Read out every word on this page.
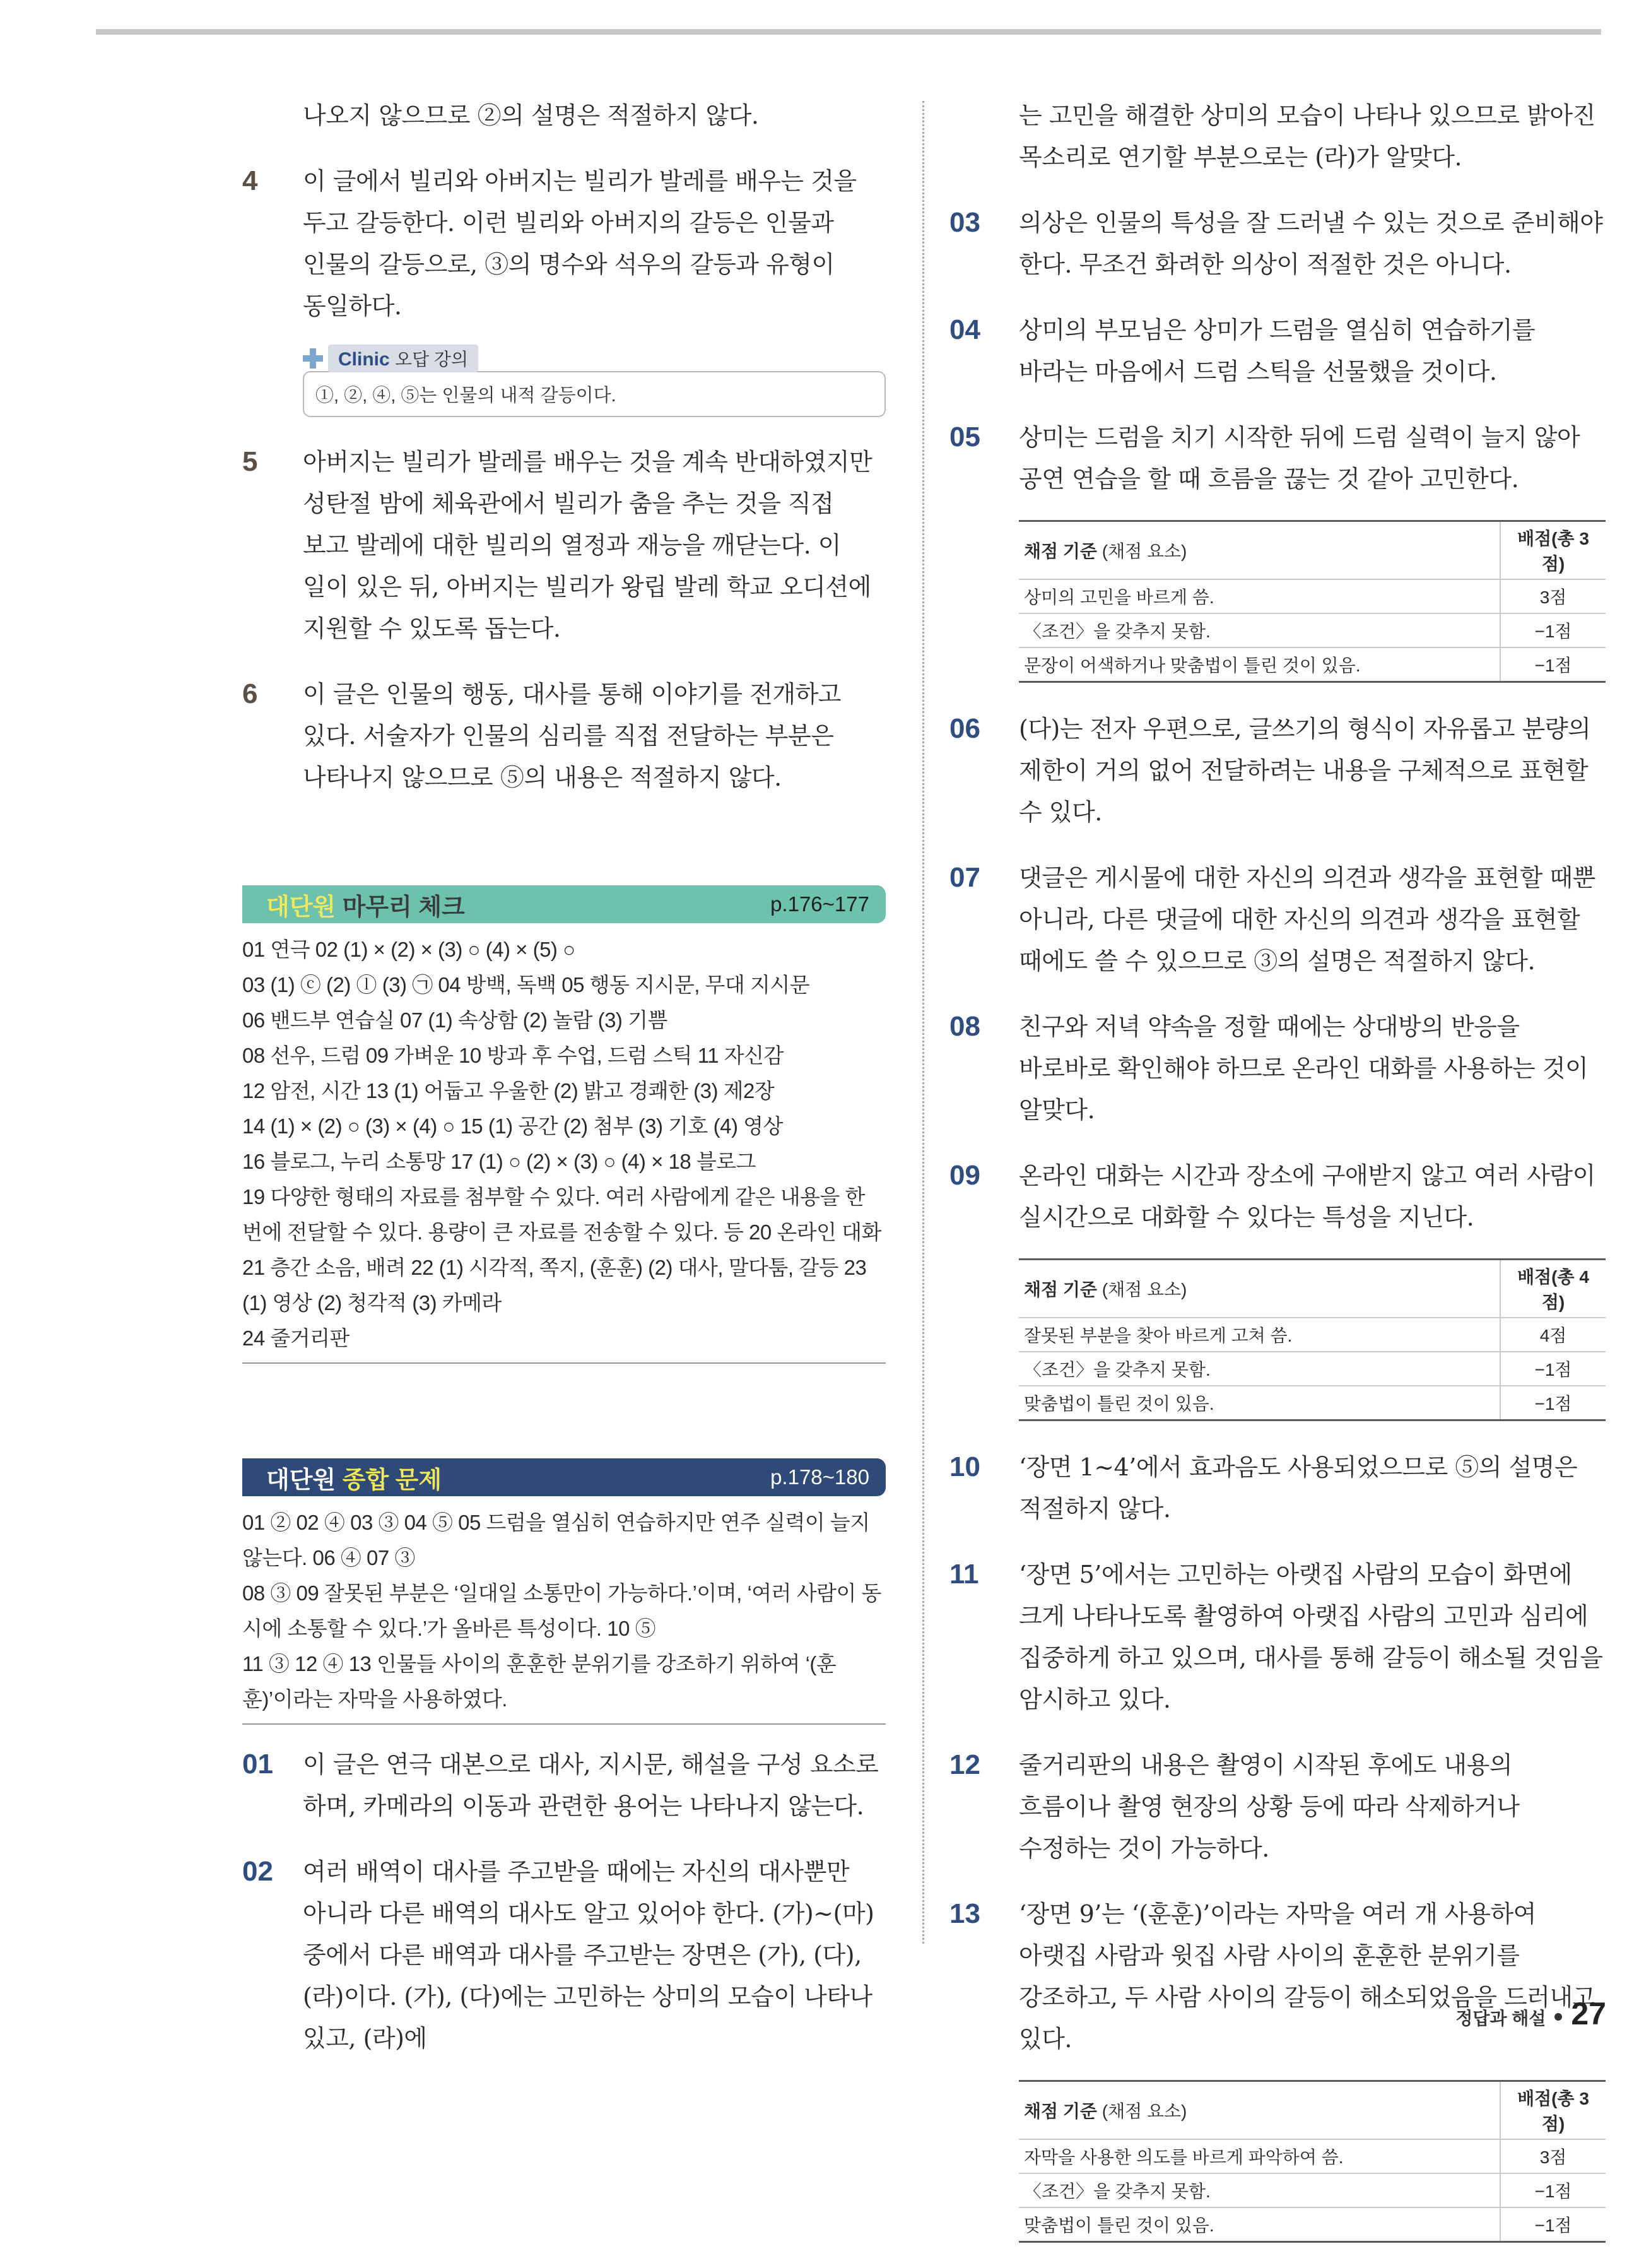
나오지 않으므로 ②의 설명은 적절하지 않다.
4 이 글에서 빌리와 아버지는 빌리가 발레를 배우는 것을 두고 갈등한다. 이런 빌리와 아버지의 갈등은 인물과 인물의 갈등으로, ③의 명수와 석우의 갈등과 유형이 동일하다.
Clinic 오답 강의
①, ②, ④, ⑤는 인물의 내적 갈등이다.
5 아버지는 빌리가 발레를 배우는 것을 계속 반대하였지만 성탄절 밤에 체육관에서 빌리가 춤을 추는 것을 직접 보고 발레에 대한 빌리의 열정과 재능을 깨닫는다. 이 일이 있은 뒤, 아버지는 빌리가 왕립 발레 학교 오디션에 지원할 수 있도록 돕는다.
6 이 글은 인물의 행동, 대사를 통해 이야기를 전개하고 있다. 서술자가 인물의 심리를 직접 전달하는 부분은 나타나지 않으므로 ⑤의 내용은 적절하지 않다.
대단원 마무리 체크	p.176~177
01 연극 02 (1) × (2) × (3) ○ (4) × (5) ○
03 (1) ⓒ (2) ⓛ (3) ㉠ 04 방백, 독백 05 행동 지시문, 무대 지시문
06 밴드부 연습실 07 (1) 속상함 (2) 놀람 (3) 기쁨
08 선우, 드럼 09 가벼운 10 방과 후 수업, 드럼 스틱 11 자신감
12 암전, 시간 13 (1) 어둡고 우울한 (2) 밝고 경쾌한 (3) 제2장
14 (1) × (2) ○ (3) × (4) ○ 15 (1) 공간 (2) 첨부 (3) 기호 (4) 영상
16 블로그, 누리 소통망 17 (1) ○ (2) × (3) ○ (4) × 18 블로그
19 다양한 형태의 자료를 첨부할 수 있다. 여러 사람에게 같은 내용을 한 번에 전달할 수 있다. 용량이 큰 자료를 전송할 수 있다. 등 20 온라인 대화 21 층간 소음, 배려 22 (1) 시각적, 쪽지, (훈훈) (2) 대사, 말다툼, 갈등 23 (1) 영상 (2) 청각적 (3) 카메라
24 줄거리판
대단원 종합 문제	p.178~180
01 ② 02 ④ 03 ③ 04 ⑤ 05 드럼을 열심히 연습하지만 연주 실력이 늘지 않는다. 06 ④ 07 ③
08 ③ 09 잘못된 부분은 ‘일대일 소통만이 가능하다.’이며, ‘여러 사람이 동시에 소통할 수 있다.’가 올바른 특성이다. 10 ⑤
11 ③ 12 ④ 13 인물들 사이의 훈훈한 분위기를 강조하기 위하여 ‘(훈훈)’이라는 자막을 사용하였다.
01 이 글은 연극 대본으로 대사, 지시문, 해설을 구성 요소로 하며, 카메라의 이동과 관련한 용어는 나타나지 않는다.
02 여러 배역이 대사를 주고받을 때에는 자신의 대사뿐만 아니라 다른 배역의 대사도 알고 있어야 한다. (가)~(마) 중에서 다른 배역과 대사를 주고받는 장면은 (가), (다), (라)이다. (가), (다)에는 고민하는 상미의 모습이 나타나 있고, (라)에
는 고민을 해결한 상미의 모습이 나타나 있으므로 밝아진 목소리로 연기할 부분으로는 (라)가 알맞다.
03 의상은 인물의 특성을 잘 드러낼 수 있는 것으로 준비해야 한다. 무조건 화려한 의상이 적절한 것은 아니다.
04 상미의 부모님은 상미가 드럼을 열심히 연습하기를 바라는 마음에서 드럼 스틱을 선물했을 것이다.
05 상미는 드럼을 치기 시작한 뒤에 드럼 실력이 늘지 않아 공연 연습을 할 때 흐름을 끊는 것 같아 고민한다.
채점 기준 (채점 요소)	배점(총 3점)
상미의 고민을 바르게 씀.	3점
〈조건〉을 갖추지 못함.	−1점
문장이 어색하거나 맞춤법이 틀린 것이 있음.	−1점
06 (다)는 전자 우편으로, 글쓰기의 형식이 자유롭고 분량의 제한이 거의 없어 전달하려는 내용을 구체적으로 표현할 수 있다.
07 댓글은 게시물에 대한 자신의 의견과 생각을 표현할 때뿐 아니라, 다른 댓글에 대한 자신의 의견과 생각을 표현할 때에도 쓸 수 있으므로 ③의 설명은 적절하지 않다.
08 친구와 저녁 약속을 정할 때에는 상대방의 반응을 바로바로 확인해야 하므로 온라인 대화를 사용하는 것이 알맞다.
09 온라인 대화는 시간과 장소에 구애받지 않고 여러 사람이 실시간으로 대화할 수 있다는 특성을 지닌다.
채점 기준 (채점 요소)	배점(총 4점)
잘못된 부분을 찾아 바르게 고쳐 씀.	4점
〈조건〉을 갖추지 못함.	−1점
맞춤법이 틀린 것이 있음.	−1점
10 ‘장면 1~4’에서 효과음도 사용되었으므로 ⑤의 설명은 적절하지 않다.
11 ‘장면 5’에서는 고민하는 아랫집 사람의 모습이 화면에 크게 나타나도록 촬영하여 아랫집 사람의 고민과 심리에 집중하게 하고 있으며, 대사를 통해 갈등이 해소될 것임을 암시하고 있다.
12 줄거리판의 내용은 촬영이 시작된 후에도 내용의 흐름이나 촬영 현장의 상황 등에 따라 삭제하거나 수정하는 것이 가능하다.
13 ‘장면 9’는 ‘(훈훈)’이라는 자막을 여러 개 사용하여 아랫집 사람과 윗집 사람 사이의 훈훈한 분위기를 강조하고, 두 사람 사이의 갈등이 해소되었음을 드러내고 있다.
채점 기준 (채점 요소)	배점(총 3점)
자막을 사용한 의도를 바르게 파악하여 씀.	3점
〈조건〉을 갖추지 못함.	−1점
맞춤법이 틀린 것이 있음.	−1점
정답과 해설 27
